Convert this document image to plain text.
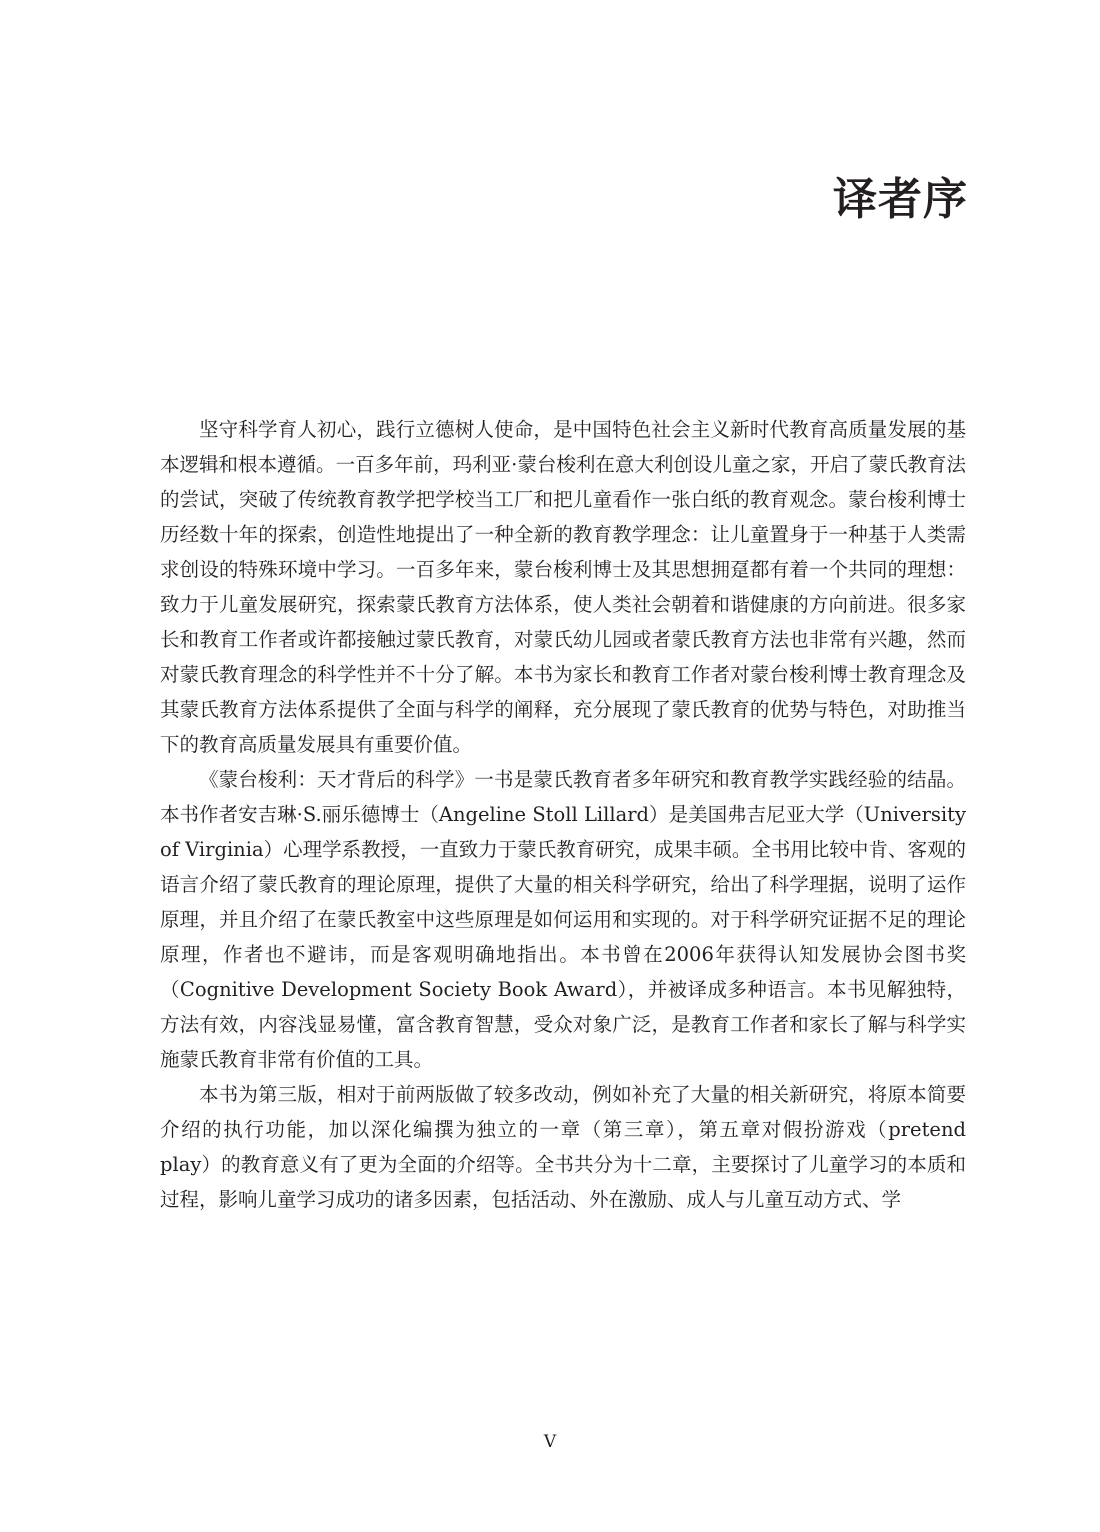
译者序

坚守科学育人初心，践行立德树人使命，是中国特色社会主义新时代教育高质量发展的基本逻辑和根本遵循。一百多年前，玛利亚·蒙台梭利在意大利创设儿童之家，开启了蒙氏教育法的尝试，突破了传统教育教学把学校当工厂和把儿童看作一张白纸的教育观念。蒙台梭利博士历经数十年的探索，创造性地提出了一种全新的教育教学理念：让儿童置身于一种基于人类需求创设的特殊环境中学习。一百多年来，蒙台梭利博士及其思想拥趸都有着一个共同的理想：致力于儿童发展研究，探索蒙氏教育方法体系，使人类社会朝着和谐健康的方向前进。很多家长和教育工作者或许都接触过蒙氏教育，对蒙氏幼儿园或者蒙氏教育方法也非常有兴趣，然而对蒙氏教育理念的科学性并不十分了解。本书为家长和教育工作者对蒙台梭利博士教育理念及其蒙氏教育方法体系提供了全面与科学的阐释，充分展现了蒙氏教育的优势与特色，对助推当下的教育高质量发展具有重要价值。

《蒙台梭利：天才背后的科学》一书是蒙氏教育者多年研究和教育教学实践经验的结晶。本书作者安吉琳·S.丽乐德博士（Angeline Stoll Lillard）是美国弗吉尼亚大学（University of Virginia）心理学系教授，一直致力于蒙氏教育研究，成果丰硕。全书用比较中肯、客观的语言介绍了蒙氏教育的理论原理，提供了大量的相关科学研究，给出了科学理据，说明了运作原理，并且介绍了在蒙氏教室中这些原理是如何运用和实现的。对于科学研究证据不足的理论原理，作者也不避讳，而是客观明确地指出。本书曾在2006年获得认知发展协会图书奖（Cognitive Development Society Book Award），并被译成多种语言。本书见解独特，方法有效，内容浅显易懂，富含教育智慧，受众对象广泛，是教育工作者和家长了解与科学实施蒙氏教育非常有价值的工具。

本书为第三版，相对于前两版做了较多改动，例如补充了大量的相关新研究，将原本简要介绍的执行功能，加以深化编撰为独立的一章（第三章），第五章对假扮游戏（pretend play）的教育意义有了更为全面的介绍等。全书共分为十二章，主要探讨了儿童学习的本质和过程，影响儿童学习成功的诸多因素，包括活动、外在激励、成人与儿童互动方式、学

V
